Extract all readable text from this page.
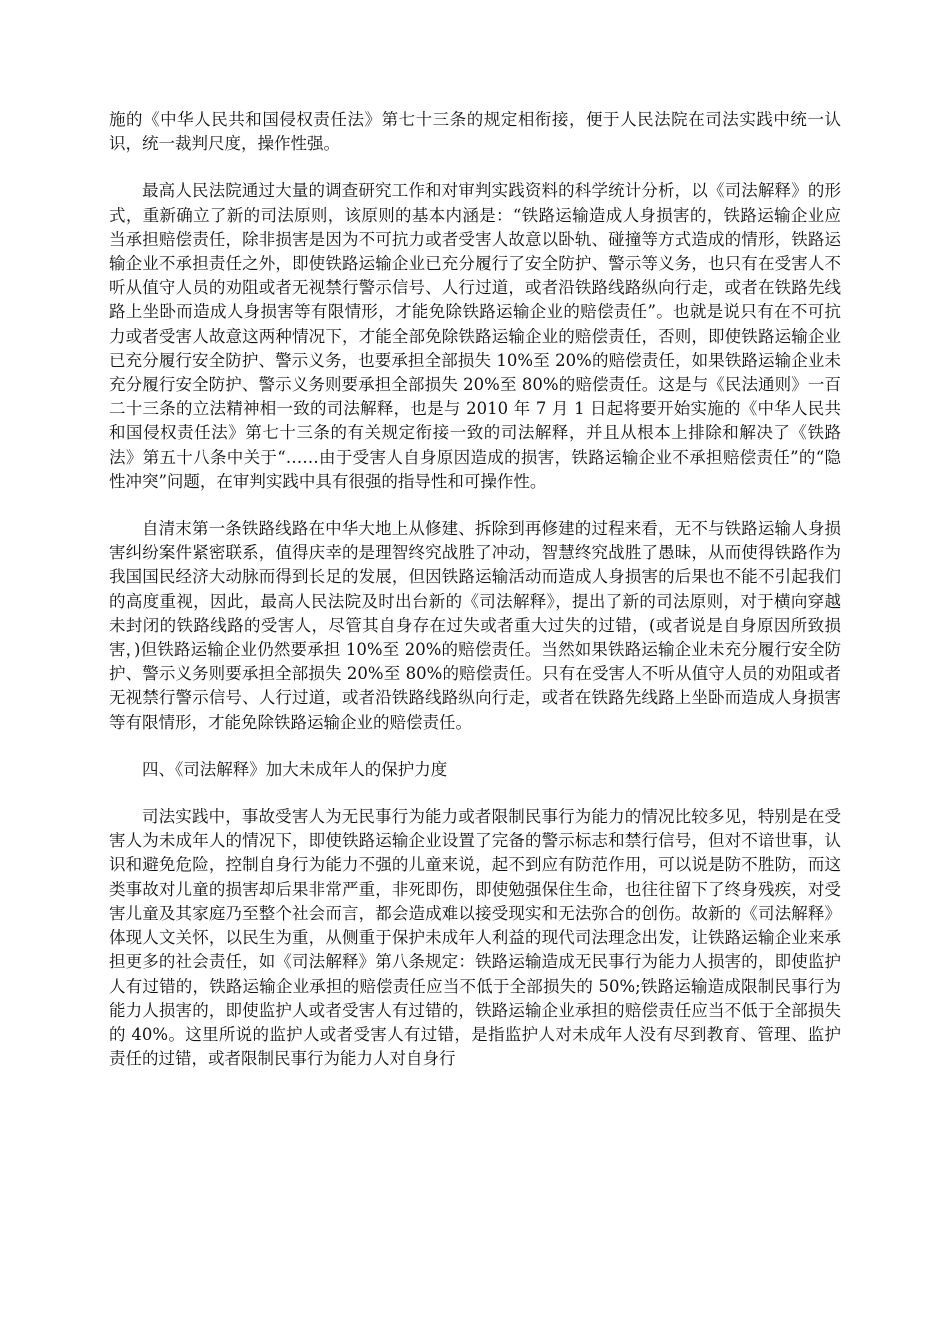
施的《中华人民共和国侵权责任法》第七十三条的规定相衔接，便于人民法院在司法实践中统一认识，统一裁判尺度，操作性强。

最高人民法院通过大量的调查研究工作和对审判实践资料的科学统计分析，以《司法解释》的形式，重新确立了新的司法原则，该原则的基本内涵是：“铁路运输造成人身损害的，铁路运输企业应当承担赔偿责任，除非损害是因为不可抗力或者受害人故意以卧轨、碰撞等方式造成的情形，铁路运输企业不承担责任之外，即使铁路运输企业已充分履行了安全防护、警示等义务，也只有在受害人不听从值守人员的劝阻或者无视禁行警示信号、人行过道，或者沿铁路线路纵向行走，或者在铁路先线路上坐卧而造成人身损害等有限情形，才能免除铁路运输企业的赔偿责任”。也就是说只有在不可抗力或者受害人故意这两种情况下，才能全部免除铁路运输企业的赔偿责任，否则，即使铁路运输企业已充分履行安全防护、警示义务，也要承担全部损失 10%至 20%的赔偿责任，如果铁路运输企业未充分履行安全防护、警示义务则要承担全部损失 20%至 80%的赔偿责任。这是与《民法通则》一百二十三条的立法精神相一致的司法解释，也是与 2010 年 7 月 1 日起将要开始实施的《中华人民共和国侵权责任法》第七十三条的有关规定衔接一致的司法解释，并且从根本上排除和解决了《铁路法》第五十八条中关于“……由于受害人自身原因造成的损害，铁路运输企业不承担赔偿责任”的“隐性冲突”问题，在审判实践中具有很强的指导性和可操作性。

自清末第一条铁路线路在中华大地上从修建、拆除到再修建的过程来看，无不与铁路运输人身损害纠纷案件紧密联系，值得庆幸的是理智终究战胜了冲动，智慧终究战胜了愚昧，从而使得铁路作为我国国民经济大动脉而得到长足的发展，但因铁路运输活动而造成人身损害的后果也不能不引起我们的高度重视，因此，最高人民法院及时出台新的《司法解释》，提出了新的司法原则，对于横向穿越未封闭的铁路线路的受害人，尽管其自身存在过失或者重大过失的过错，(或者说是自身原因所致损害，)但铁路运输企业仍然要承担 10%至 20%的赔偿责任。当然如果铁路运输企业未充分履行安全防护、警示义务则要承担全部损失 20%至 80%的赔偿责任。只有在受害人不听从值守人员的劝阻或者无视禁行警示信号、人行过道，或者沿铁路线路纵向行走，或者在铁路先线路上坐卧而造成人身损害等有限情形，才能免除铁路运输企业的赔偿责任。

四、《司法解释》加大未成年人的保护力度

司法实践中，事故受害人为无民事行为能力或者限制民事行为能力的情况比较多见，特别是在受害人为未成年人的情况下，即使铁路运输企业设置了完备的警示标志和禁行信号，但对不谙世事，认识和避免危险，控制自身行为能力不强的儿童来说，起不到应有防范作用，可以说是防不胜防，而这类事故对儿童的损害却后果非常严重，非死即伤，即使勉强保住生命，也往往留下了终身残疾，对受害儿童及其家庭乃至整个社会而言，都会造成难以接受现实和无法弥合的创伤。故新的《司法解释》体现人文关怀，以民生为重，从侧重于保护未成年人利益的现代司法理念出发，让铁路运输企业来承担更多的社会责任，如《司法解释》第八条规定：铁路运输造成无民事行为能力人损害的，即使监护人有过错的，铁路运输企业承担的赔偿责任应当不低于全部损失的 50%;铁路运输造成限制民事行为能力人损害的，即使监护人或者受害人有过错的，铁路运输企业承担的赔偿责任应当不低于全部损失的 40%。这里所说的监护人或者受害人有过错，是指监护人对未成年人没有尽到教育、管理、监护责任的过错，或者限制民事行为能力人对自身行
